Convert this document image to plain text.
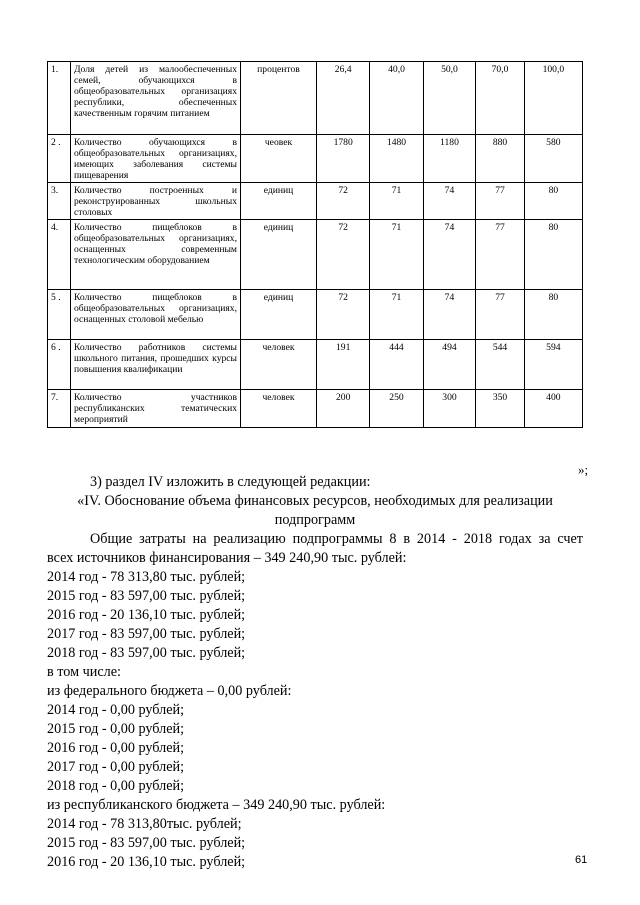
1.	Доля детей из малообеспеченных семей, обучающихся в общеобразовательных организациях республики, обеспеченных качественным горячим питанием	процентов	26,4	40,0	50,0	70,0	100,0
2 .	Количество обучающихся в общеобразовательных организациях, имеющих заболевания системы пищеварения	чеовек	1780	1480	1180	880	580
3.	Количество построенных и реконструированных школьных столовых	единиц	72	71	74	77	80
4.	Количество пищеблоков в общеобразовательных организациях, оснащенных современным технологическим оборудованием	единиц	72	71	74	77	80
5 .	Количество пищеблоков в общеобразовательных организациях, оснащенных столовой мебелью	единиц	72	71	74	77	80
6 .	Количество работников системы школьного питания, прошедших курсы повышения квалификации	человек	191	444	494	544	594
7.	Количество участников республиканских тематических мероприятий	человек	200	250	300	350	400
»;
3) раздел IV изложить в следующей редакции:
«IV. Обоснование объема финансовых ресурсов, необходимых для реализации
подпрограмм
Общие затраты на реализацию подпрограммы 8 в 2014 - 2018 годах за счет
всех источников финансирования – 349 240,90 тыс. рублей:
2014 год - 78 313,80 тыс. рублей;
2015 год - 83 597,00 тыс. рублей;
2016 год - 20 136,10 тыс. рублей;
2017 год - 83 597,00 тыс. рублей;
2018 год - 83 597,00 тыс. рублей;
в том числе:
из федерального бюджета – 0,00 рублей:
2014 год - 0,00 рублей;
2015 год - 0,00 рублей;
2016 год - 0,00 рублей;
2017 год - 0,00 рублей;
2018 год - 0,00 рублей;
из республиканского бюджета – 349 240,90 тыс. рублей:
2014 год - 78 313,80тыс. рублей;
2015 год - 83 597,00 тыс. рублей;
2016 год - 20 136,10 тыс. рублей;	61
